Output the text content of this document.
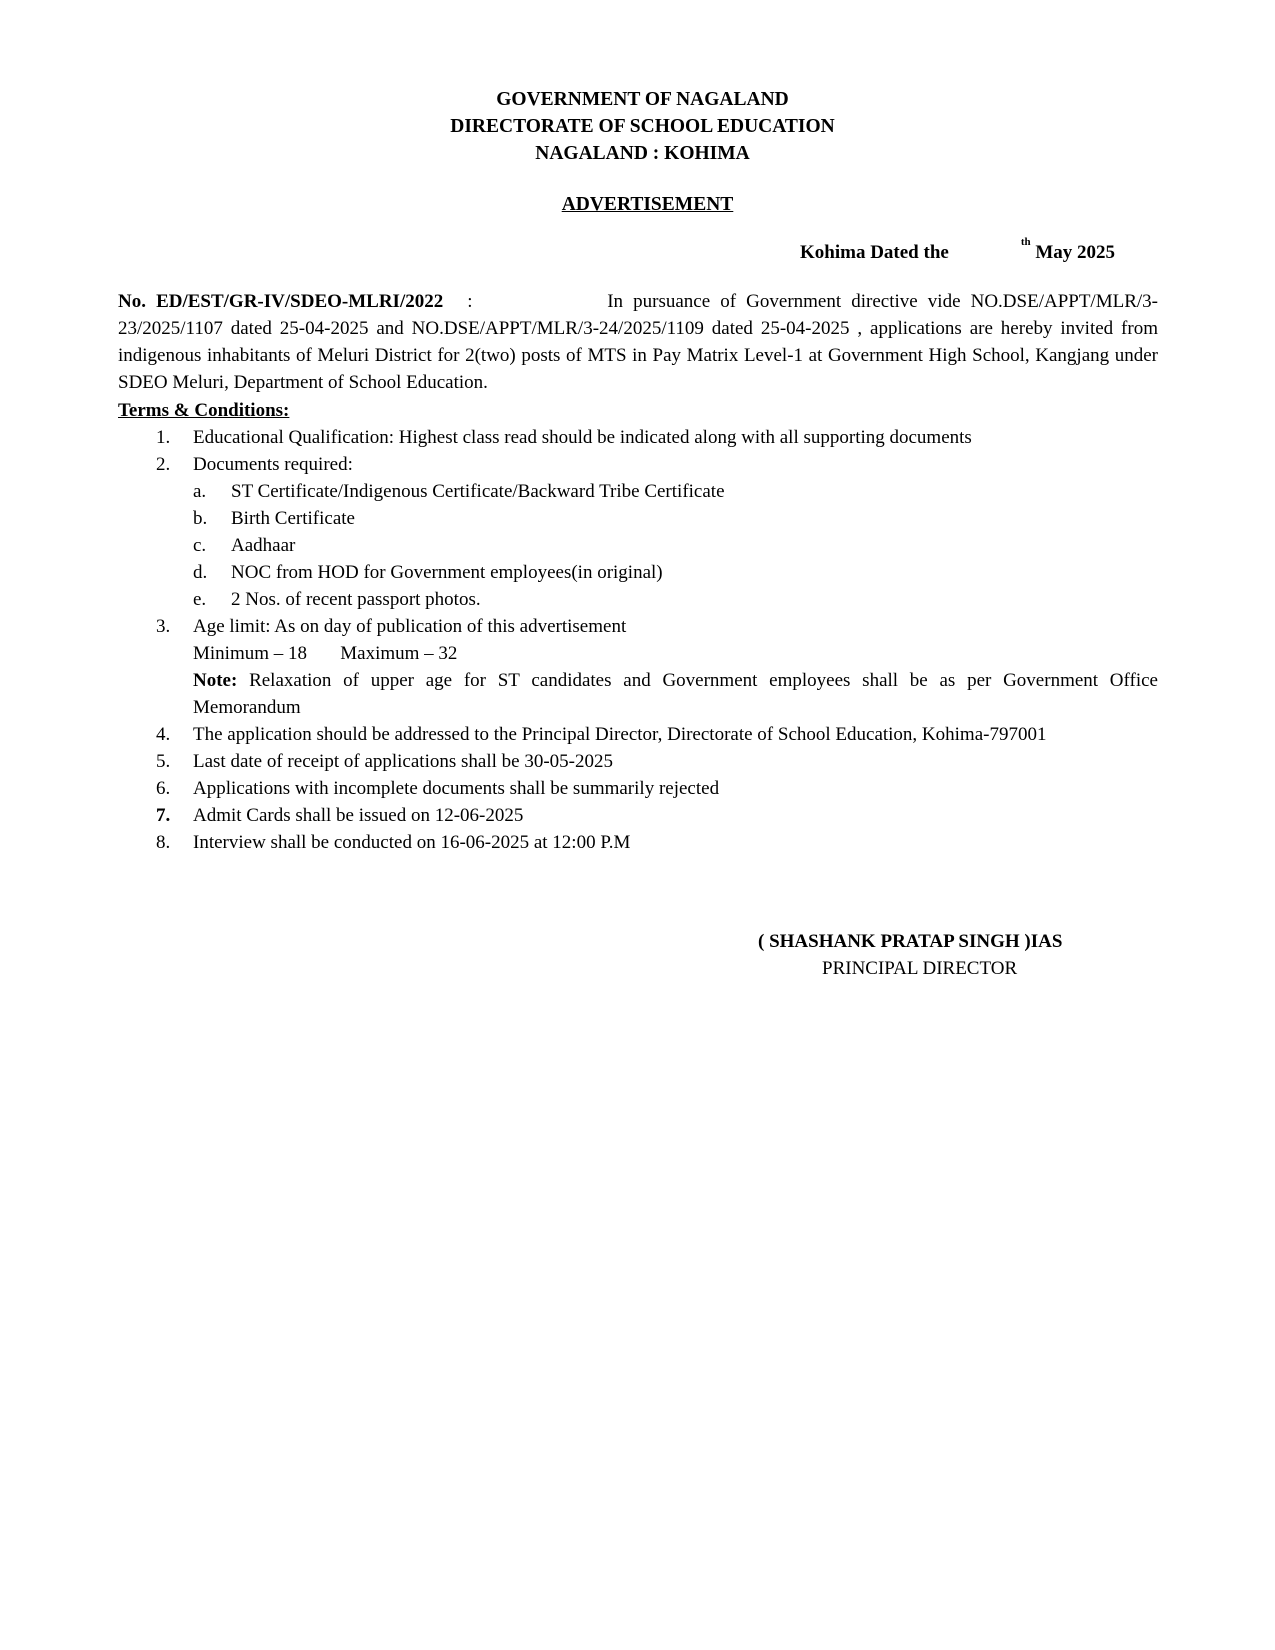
GOVERNMENT OF NAGALAND
DIRECTORATE OF SCHOOL EDUCATION
NAGALAND : KOHIMA
ADVERTISEMENT
Kohima Dated the	$^{th}$ May 2025
No. ED/EST/GR-IV/SDEO-MLRI/2022 :	In pursuance of Government directive vide NO.DSE/APPT/MLR/3-23/2025/1107 dated 25-04-2025 and NO.DSE/APPT/MLR/3-24/2025/1109 dated 25-04-2025 , applications are hereby invited from indigenous inhabitants of Meluri District for 2(two) posts of MTS in Pay Matrix Level-1 at Government High School, Kangjang under SDEO Meluri, Department of School Education.
Terms & Conditions:
1. Educational Qualification: Highest class read should be indicated along with all supporting documents
2. Documents required:
a. ST Certificate/Indigenous Certificate/Backward Tribe Certificate
b. Birth Certificate
c. Aadhaar
d. NOC from HOD for Government employees(in original)
e. 2 Nos. of recent passport photos.
3. Age limit: As on day of publication of this advertisement
Minimum – 18 Maximum – 32
Note: Relaxation of upper age for ST candidates and Government employees shall be as per Government Office Memorandum
4. The application should be addressed to the Principal Director, Directorate of School Education, Kohima-797001
5. Last date of receipt of applications shall be 30-05-2025
6. Applications with incomplete documents shall be summarily rejected
7. Admit Cards shall be issued on 12-06-2025
8. Interview shall be conducted on 16-06-2025 at 12:00 P.M
( SHASHANK PRATAP SINGH )IAS
PRINCIPAL DIRECTOR
